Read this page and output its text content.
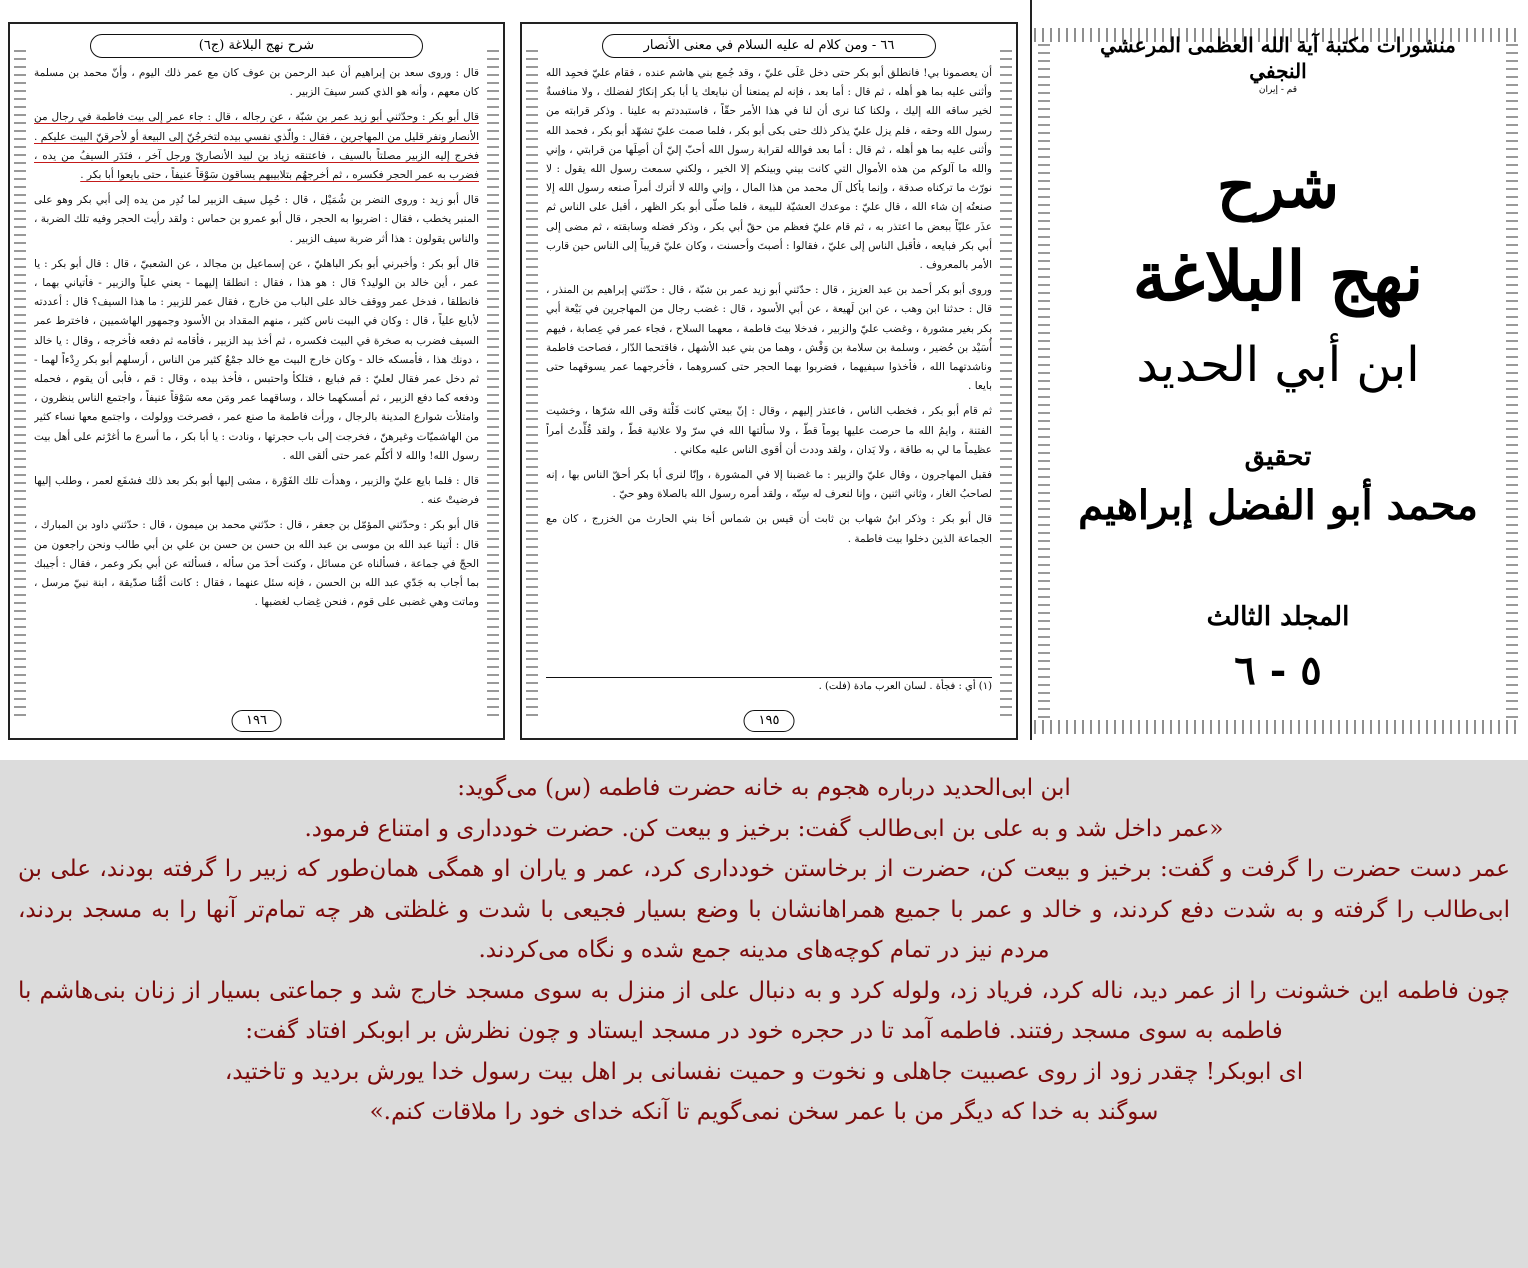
شرح نهج البلاغة (ج٦)

قال : وروى سعد بن إبراهيم أن عبد الرحمن بن عوف كان مع عمر ذلك اليوم ، وأنّ محمد بن مسلمة كان معهم ، وأنه هو الذي كسر سيفَ الزبير .

قال أبو بكر : وحدّثني أبو زيد عمر بن شبّة ، عن رجاله ، قال : جاء عمر إلى بيت فاطمة في رجال من الأنصار ونفر قليل من المهاجرين ، فقال : والّذي نفسي بيده لتخرجُنّ إلى البيعة أو لأحرقنّ البيت عليكم . فخرج إليه الزبير مصلتاً بالسيف ، فاعتنقه زياد بن لبيد الأنصاريّ ورجل آخر ، فنَدَر السيفُ من يده ، فضرب به عمر الحجر فكسره ، ثم أخرجهُم بتلابيبهم يساقون سَوْقاً عنيفاً ، حتى بايعوا أبا بكر .

قال أبو زيد : وروى النضر بن شُمَيْل ، قال : حُمِل سيف الزبير لما نُدِر من يده إلى أبي بكر وهو على المنبر يخطب ، فقال : اضربوا به الحجر ، قال أبو عمرو بن حماس : ولقد رأيت الحجر وفيه تلك الضربة ، والناس يقولون : هذا أثر ضربة سيف الزبير .

قال أبو بكر : وأخبرني أبو بكر الباهليّ ، عن إسماعيل بن مجالد ، عن الشعبيّ ، قال : قال أبو بكر : يا عمر ، أين خالد بن الوليد؟ قال : هو هذا ، فقال : انطلقا إليهما - يعني علياً والزبير - فأتياني بهما ، فانطلقا ، فدخل عمر ووقف خالد على الباب من خارج ، فقال عمر للزبير : ما هذا السيف؟ قال : أعددته لأبايع علياً ، قال : وكان في البيت ناس كثير ، منهم المقداد بن الأسود وجمهور الهاشميين ، فاخترط عمر السيف فضرب به صخرة في البيت فكسره ، ثم أخذ بيد الزبير ، فأقامه ثم دفعه فأخرجه ، وقال : يا خالد ، دونك هذا ، فأمسكه خالد - وكان خارج البيت مع خالد جمْعٌ كثير من الناس ، أرسلهم أبو بكر رِدْءاً لهما - ثم دخل عمر فقال لعليّ : قم فبايع ، فتلكأ واحتبس ، فأخذ بيده ، وقال : قم ، فأبى أن يقوم ، فحمله ودفعه كما دفع الزبير ، ثم أمسكهما خالد ، وساقهما عمر ومَن معه سَوْقاً عنيفاً ، واجتمع الناس ينظرون ، وامتلأت شوارع المدينة بالرجال ، ورأت فاطمة ما صنع عمر ، فصرخت وولولت ، واجتمع معها نساء كثير من الهاشميّات وغيرهنّ ، فخرجت إلى باب حجرتها ، ونادت : يا أبا بكر ، ما أسرع ما أغرْتم على أهل بيت رسول الله! والله لا أكلّم عمر حتى ألقى الله .

قال : فلما بايع عليّ والزبير ، وهدأت تلك الفَوْرة ، مشى إليها أبو بكر بعد ذلك فشفَع لعمر ، وطلب إليها فرضيتْ عنه .

قال أبو بكر : وحدّثني المؤمّل بن جعفر ، قال : حدّثني محمد بن ميمون ، قال : حدّثني داود بن المبارك ، قال : أتينا عبد الله بن موسى بن عبد الله بن حسن بن حسن بن علي بن أبي طالب ونحن راجعون من الحجّ في جماعة ، فسألناه عن مسائل ، وكنت أحدَ من سأله ، فسألته عن أبي بكر وعمر ، فقال : أجيبك بما أجاب به جَدّي عبد الله بن الحسن ، فإنه سئل عنهما ، فقال : كانت أمُّنا صدّيقة ، ابنة نبيّ مرسل ، وماتت وهي غضبى على قوم ، فنحن غِضاب لغضبها .

١٩٦
٦٦ - ومن كلام له عليه السلام في معنى الأنصار

أن يعصمونا بي! فانطلق أبو بكر حتى دخل عَلَى عليّ ، وقد جُمع بني هاشم عنده ، فقام عليّ فحمِد الله وأثنى عليه بما هو أهله ، ثم قال : أما بعد ، فإنه لم يمنعنا أن نبايعك يا أبا بكر إنكارٌ لفضلك ، ولا منافسةٌ لخير ساقه الله إليك ، ولكنا كنا نرى أن لنا في هذا الأمر حقّاً ، فاستبددتم به علينا . وذكر قرابته من رسول الله وحقه ، فلم يزل عليّ يذكر ذلك حتى بكى أبو بكر ، فلما صمت عليّ تشهّد أبو بكر ، فحمد الله وأثنى عليه بما هو أهله ، ثم قال : أما بعد فوالله لقرابة رسول الله أحبّ إليّ أن أصِلَها من قرابتي ، وإني والله ما آلوكم من هذه الأموال التي كانت بيني وبينكم إلا الخير ، ولكني سمعت رسول الله يقول : لا نورّث ما تركناه صدقة ، وإنما يأكل آل محمد من هذا المال ، وإني والله لا أترك أمراً صنعه رسول الله إلا صنعتُه إن شاء الله ، قال عليّ : موعدك العشيّة للبيعة ، فلما صلّى أبو بكر الظهر ، أقبل على الناس ثم عذَر عليّاً ببعض ما اعتذر به ، ثم قام عليّ فعظم من حقّ أبي بكر ، وذكر فضله وسابقته ، ثم مضى إلى أبي بكر فبايعه ، فأقبل الناس إلى عليّ ، فقالوا : أصبتَ وأحسنت ، وكان عليّ قريباً إلى الناس حين قارب الأمر بالمعروف .

وروى أبو بكر أحمد بن عبد العزيز ، قال : حدّثني أبو زيد عمر بن شبّة ، قال : حدّثني إبراهيم بن المنذر ، قال : حدثنا ابن وهب ، عن ابن لَهيعة ، عن أبي الأسود ، قال : غضب رجال من المهاجرين في بَيْعة أبي بكر بغير مشورة ، وغضب عليّ والزبير ، فدخلا بيتَ فاطمة ، معهما السلاح ، فجاء عمر في عِصابة ، فيهم أُسَيْد بن حُضير ، وسلمة بن سلامة بن وَقْش ، وهما من بني عبد الأشهل ، فاقتحما الدّار ، فصاحت فاطمة وناشدتهما الله ، فأخذوا سيفيهما ، فضربوا بهما الحجر حتى كسروهما ، فأخرجهما عمر يسوقهما حتى بايعا .

ثم قام أبو بكر ، فخطب الناس ، فاعتذر إليهم ، وقال : إنّ بيعتي كانت فَلْتة وقى الله شرّها ، وخشيت الفتنة ، وايمُ الله ما حرصت عليها يوماً قطّ ، ولا سألتها الله في سرّ ولا علانية قطّ ، ولقد قُلِّدتُ أمراً عظيماً ما لي به طاقة ، ولا يَدان ، ولقد وددت أن أقوى الناس عليه مكاني .

فقبل المهاجرون ، وقال عليّ والزبير : ما غضبنا إلا في المشورة ، وإنّا لنرى أبا بكر أحقّ الناس بها ، إنه لصاحبُ الغار ، وثاني اثنين ، وإنا لنعرف له سِنّه ، ولقد أمره رسول الله بالصلاة وهو حيّ .

قال أبو بكر : وذكر ابنُ شهاب بن ثابت أن قيس بن شماس أخا بني الحارث من الخزرج ، كان مع الجماعة الذين دخلوا بيت فاطمة .

(١) أي : فجأة . لسان العرب مادة (فلت) .
١٩٥
منشورات مكتبة آية الله العظمى المرعشي النجفي
قم - إيران
شرح
نهج البلاغة
ابن أبي الحديد
تحقيق
محمد أبو الفضل إبراهيم
المجلد الثالث
٥ - ٦

ابن ابی‌الحدید درباره هجوم به خانه حضرت فاطمه (س) می‌گوید:

«عمر داخل شد و به علی بن ابی‌طالب گفت: برخیز و بیعت کن. حضرت خودداری و امتناع فرمود.

عمر دست حضرت را گرفت و گفت: برخیز و بیعت کن، حضرت از برخاستن خودداری کرد، عمر و یاران او همگی همان‌طور که زبیر را گرفته بودند، علی بن ابی‌طالب را گرفته و به شدت دفع کردند، و خالد و عمر با جمیع همراهانشان با وضع بسیار فجیعی با شدت و غلظتی هر چه تمام‌تر آنها را به مسجد بردند، مردم نیز در تمام کوچه‌های مدینه جمع شده و نگاه می‌کردند.

چون فاطمه این خشونت را از عمر دید، ناله کرد، فریاد زد، ولوله کرد و به دنبال علی از منزل به سوی مسجد خارج شد و جماعتی بسیار از زنان بنی‌هاشم با فاطمه به سوی مسجد رفتند. فاطمه آمد تا در حجره خود در مسجد ایستاد و چون نظرش بر ابوبکر افتاد گفت:

ای ابوبکر! چقدر زود از روی عصبیت جاهلی و نخوت و حمیت نفسانی بر اهل بیت رسول خدا یورش بردید و تاختید،

سوگند به خدا که دیگر من با عمر سخن نمی‌گویم تا آنکه خدای خود را ملاقات کنم.»
